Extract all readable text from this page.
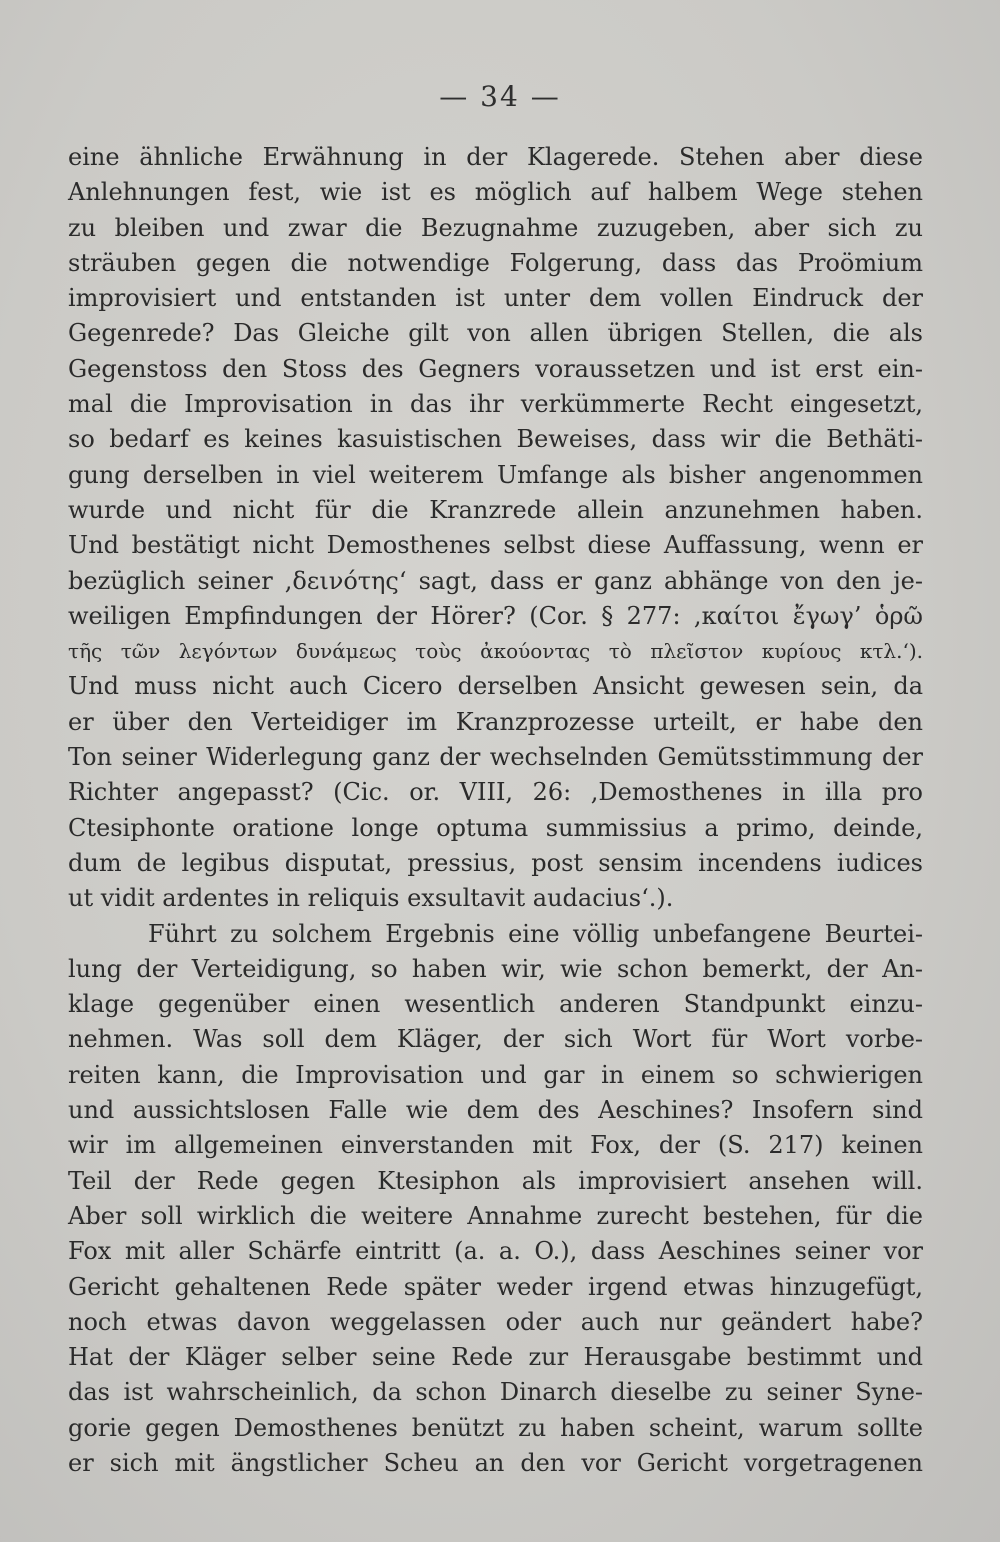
— 34 —
eine ähnliche Erwähnung in der Klagerede. Stehen aber diese
Anlehnungen fest, wie ist es möglich auf halbem Wege stehen
zu bleiben und zwar die Bezugnahme zuzugeben, aber sich zu
sträuben gegen die notwendige Folgerung, dass das Proömium
improvisiert und entstanden ist unter dem vollen Eindruck der
Gegenrede? Das Gleiche gilt von allen übrigen Stellen, die als
Gegenstoss den Stoss des Gegners voraussetzen und ist erst ein-
mal die Improvisation in das ihr verkümmerte Recht eingesetzt,
so bedarf es keines kasuistischen Beweises, dass wir die Bethäti-
gung derselben in viel weiterem Umfange als bisher angenommen
wurde und nicht für die Kranzrede allein anzunehmen haben.
Und bestätigt nicht Demosthenes selbst diese Auffassung, wenn er
bezüglich seiner ,δεινότης‘ sagt, dass er ganz abhänge von den je-
weiligen Empfindungen der Hörer? (Cor. § 277: ,καίτοι ἔγωγ’ ὁρῶ
τῆς τῶν λεγόντων δυνάμεως τοὺς ἀκούοντας τὸ πλεῖστον κυρίους κτλ.‘).
Und muss nicht auch Cicero derselben Ansicht gewesen sein, da
er über den Verteidiger im Kranzprozesse urteilt, er habe den
Ton seiner Widerlegung ganz der wechselnden Gemütsstimmung der
Richter angepasst? (Cic. or. VIII, 26: ,Demosthenes in illa pro
Ctesiphonte oratione longe optuma summissius a primo, deinde,
dum de legibus disputat, pressius, post sensim incendens iudices
ut vidit ardentes in reliquis exsultavit audacius‘.).
Führt zu solchem Ergebnis eine völlig unbefangene Beurtei-
lung der Verteidigung, so haben wir, wie schon bemerkt, der An-
klage gegenüber einen wesentlich anderen Standpunkt einzu-
nehmen. Was soll dem Kläger, der sich Wort für Wort vorbe-
reiten kann, die Improvisation und gar in einem so schwierigen
und aussichtslosen Falle wie dem des Aeschines? Insofern sind
wir im allgemeinen einverstanden mit Fox, der (S. 217) keinen
Teil der Rede gegen Ktesiphon als improvisiert ansehen will.
Aber soll wirklich die weitere Annahme zurecht bestehen, für die
Fox mit aller Schärfe eintritt (a. a. O.), dass Aeschines seiner vor
Gericht gehaltenen Rede später weder irgend etwas hinzugefügt,
noch etwas davon weggelassen oder auch nur geändert habe?
Hat der Kläger selber seine Rede zur Herausgabe bestimmt und
das ist wahrscheinlich, da schon Dinarch dieselbe zu seiner Syne-
gorie gegen Demosthenes benützt zu haben scheint, warum sollte
er sich mit ängstlicher Scheu an den vor Gericht vorgetragenen
